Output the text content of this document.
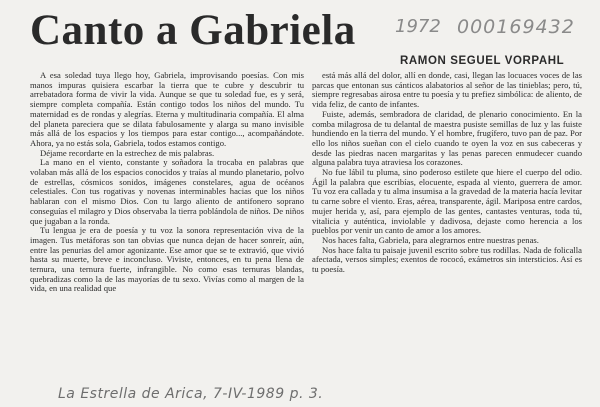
Canto a Gabriela 1972 000169432
RAMON SEGUEL VORPAHL

A esa soledad tuya llego hoy, Gabriela, improvisando poesías. Con mis manos impuras quisiera escarbar la tierra que te cubre y descubrir tu arrebatadora forma de vivir la vida. Aunque se que tu soledad fue, es y será, siempre completa compañía. Están contigo todos los niños del mundo. Tu maternidad es de rondas y alegrías. Eterna y multitudinaria compañía. El alma del planeta pareciera que se dilata fabulosamente y alarga su mano invisible más allá de los espacios y los tiempos para estar contigo..., acompañándote. Ahora, ya no estás sola, Gabriela, todos estamos contigo.

Déjame recordarte en la estrechez de mis palabras.

La mano en el viento, constante y soñadora la trocaba en palabras que volaban más allá de los espacios conocidos y traías al mundo planetario, polvo de estrellas, cósmicos sonidos, imágenes constelares, agua de océanos celestiales. Con tus rogativas y novenas interminables hacias que los niños hablaran con el mismo Dios. Con tu largo aliento de antifonero sopranо conseguías el milagro y Dios observaba la tierra poblándola de niños. De niños que jugaban a la ronda.

Tu lengua je era de poesía y tu voz la sonora representación viva de la imagen. Tus metáforas son tan obvias que nunca dejan de hacer sonreír, aún, entre las penurias del amor agonizante. Ese amor que se te extravió, que vivió hasta su muerte, breve e inconcluso. Viviste, entonces, en tu pena llena de ternura, una ternura fuerte, infrangible. No como esas ternuras blandas, quebradizas como la de las mayorías de tu sexo. Vivías como al margen de la vida, en una realidad que

está más allá del dolor, allí en donde, casi, llegan las locuaces voces de las parcas que entonan sus cánticos alabatorios al señor de las tinieblas; pero, tú, siempre regresabas airosa entre tu poesía y tu prefiez simbólica: de aliento, de vida feliz, de canto de infantes.

Fuiste, además, sembradora de claridad, de plenario conocimiento. En la comba milagrosa de tu delantal de maestra pusiste semillas de luz y las fuiste hundiendo en la tierra del mundo. Y el hombre, frugífero, tuvo pan de paz. Por ello los niños sueñan con el cielo cuando te oyen la voz en sus cabeceras y desde las piedras nacen margaritas y las penas parecen enmudecer cuando alguna palabra tuya atraviesa los corazones.

No fue lábil tu pluma, sino poderoso estilete que hiere el cuerpo del odio. Ágil la palabra que escribías, elocuente, espada al viento, guerrera de amor. Tu voz era callada y tu alma insumisa a la gravedad de la materia hacía levitar tu carne sobre el viento. Eras, aérea, transparente, ágil. Mariposa entre cardos, mujer herida y, así, para ejemplo de las gentes, cantastes venturas, toda tú, vitalicia y auténtica, inviolable y dadivosa, dejaste como herencia a los pueblos por venir un canto de amor a los amores.

Nos haces falta, Gabriela, para alegrarnos entre nuestras penas.

Nos hace falta tu paisaje juvenil escrito sobre tus rodillas. Nada de folicalla afectada, versos simples; exentos de rococó, exámetros sin intersticios. Así es tu poesía.

La Estrella de Arica, 7-IV-1989 p. 3.
